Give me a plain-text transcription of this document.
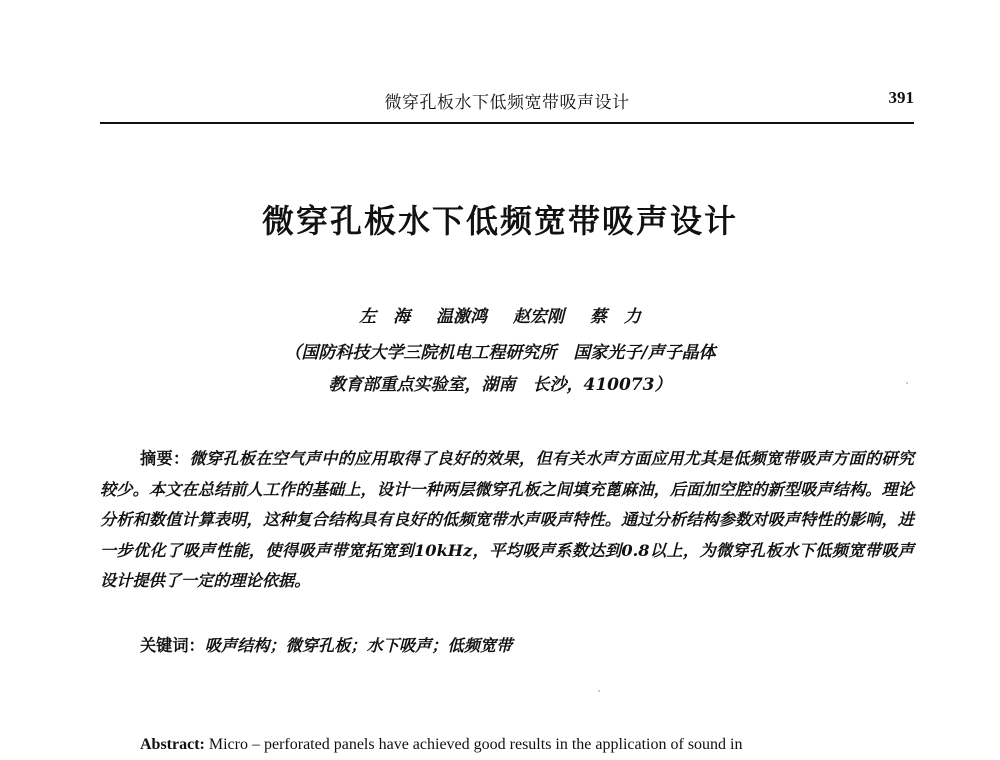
微穿孔板水下低频宽带吸声设计	391
微穿孔板水下低频宽带吸声设计
左　海 温激鸿 赵宏刚 蔡　力
（国防科技大学三院机电工程研究所　国家光子/声子晶体
教育部重点实验室，湖南　长沙，410073）
摘要：微穿孔板在空气声中的应用取得了良好的效果，但有关水声方面应用尤其是低频宽带吸声方面的研究较少。本文在总结前人工作的基础上，设计一种两层微穿孔板之间填充蓖麻油，后面加空腔的新型吸声结构。理论分析和数值计算表明，这种复合结构具有良好的低频宽带水声吸声特性。通过分析结构参数对吸声特性的影响，进一步优化了吸声性能，使得吸声带宽拓宽到10kHz，平均吸声系数达到0.8以上，为微穿孔板水下低频宽带吸声设计提供了一定的理论依据。
关键词：吸声结构；微穿孔板；水下吸声；低频宽带
Abstract: Micro – perforated panels have achieved good results in the application of sound in
